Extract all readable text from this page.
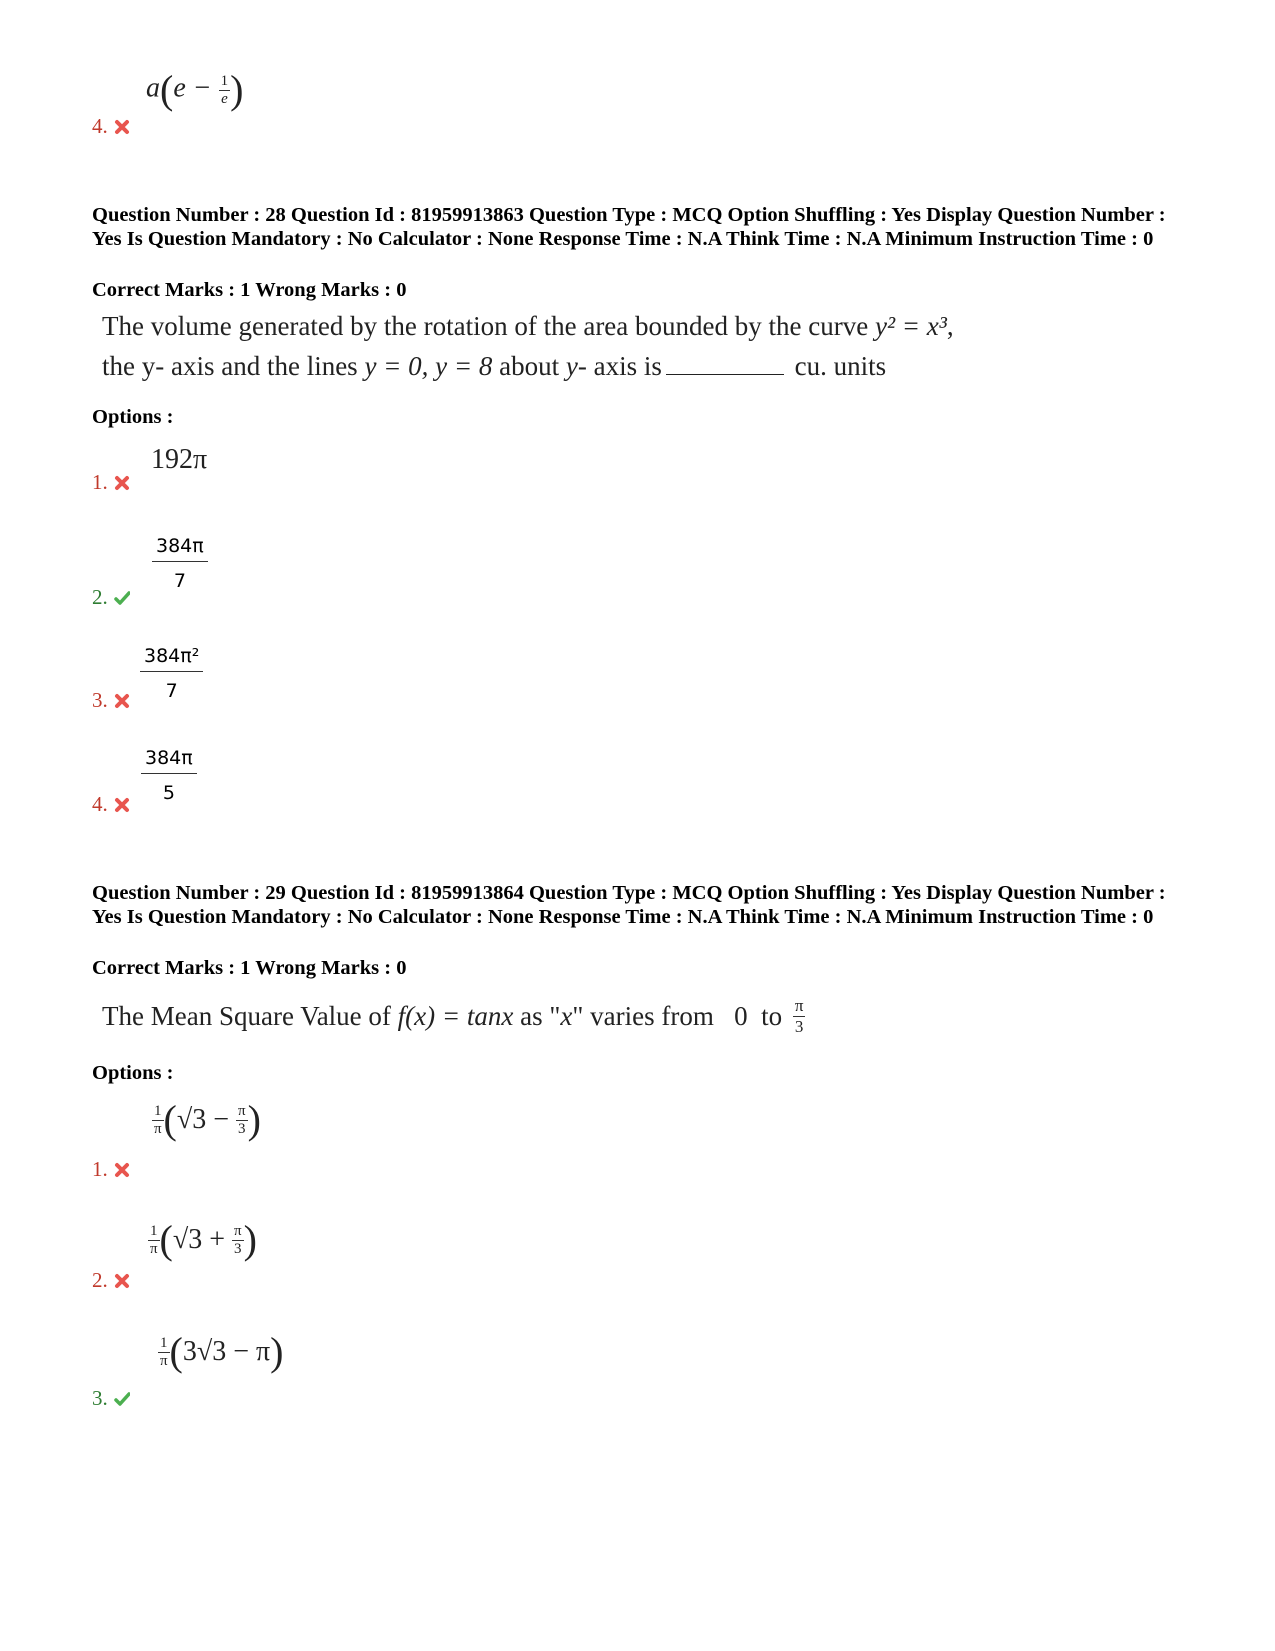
$a(e - \frac{1}{e}$ )
4.
Question Number : 28 Question Id : 81959913863 Question Type : MCQ Option Shuffling : Yes Display Question Number : Yes Is Question Mandatory : No Calculator : None Response Time : N.A Think Time : N.A Minimum Instruction Time : 0
Correct Marks : 1 Wrong Marks : 0
The volume generated by the rotation of the area bounded by the curve y² = x³,
the y- axis and the lines y = 0, y = 8 about y- axis is	cu. units
Options :
192π
1.
$\frac{384\pi}{7}$
2.
$\frac{\text{384π²}}{7}$
3.
$\frac{384\pi}{5}$
4.
Question Number : 29 Question Id : 81959913864 Question Type : MCQ Option Shuffling : Yes Display Question Number : Yes Is Question Mandatory : No Calculator : None Response Time : N.A Think Time : N.A Minimum Instruction Time : 0
Correct Marks : 1 Wrong Marks : 0
The Mean Square Value of
f(x) = tanx as " x " varies from   0  to π
3
Options :
1
π ( $√3 - \frac{\pi}{3}$ )
1.
1
π ( $√3 + \frac{\pi}{3}$ )
2.
1
π ( 3√3 − π )
3.
